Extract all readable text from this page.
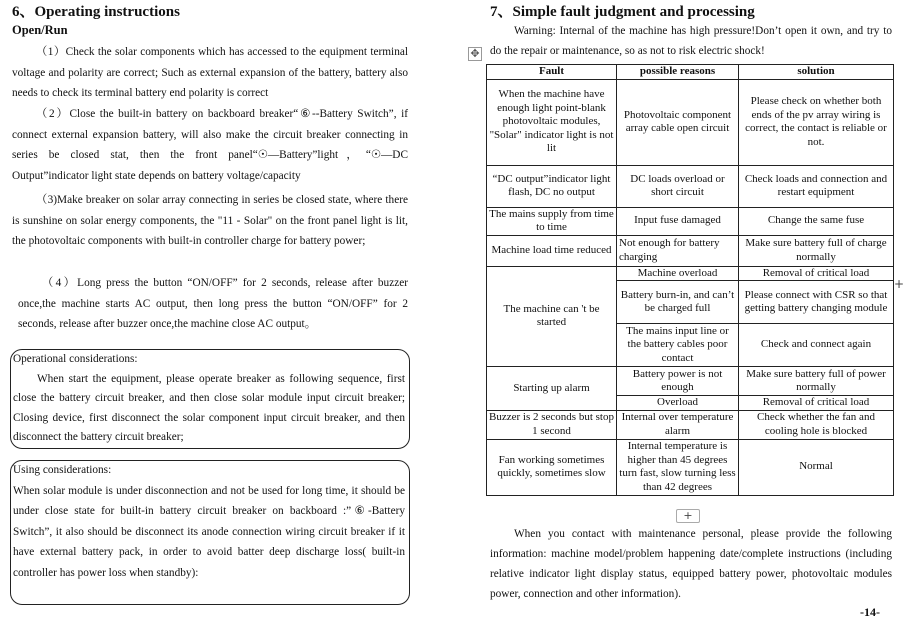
6、Operating instructions
Open/Run

（1）Check the solar components which has accessed to the equipment terminal voltage and polarity are correct; Such as external expansion of the battery, battery also needs to check its terminal battery end polarity is correct

（2）Close the built-in battery on backboard breaker“⑥--Battery Switch”, if connect external expansion battery, will also make the circuit breaker connecting in series be closed stat, then the front panel“☉—Battery”light，“☉—DC Output”indicator light state depends on battery voltage/capacity

（3)Make breaker on solar array connecting in series be closed state, where there is sunshine on solar energy components, the "11 - Solar" on the front panel light is lit, the photovoltaic components with built-in controller charge for battery power;

（4）Long press the button “ON/OFF” for 2 seconds, release after buzzer once,the machine starts AC output, then long press the button “ON/OFF” for 2 seconds, release after buzzer once,the machine close AC output。

Operational considerations:

When start the equipment, please operate breaker as following sequence, first close the battery circuit breaker, and then close solar module input circuit breaker; Closing device, first disconnect the solar component input circuit breaker, and then disconnect the battery circuit breaker;

Using considerations:

When solar module is under disconnection and not be used for long time, it should be under close state for built-in battery circuit breaker on backboard :”⑥-Battery Switch”, it also should be disconnect its anode connection wiring circuit breaker if it have external battery pack, in order to avoid batter deep discharge loss( built-in controller has power loss when standby):

7、Simple fault judgment and processing

Warning: Internal of the machine has high pressure!Don’t open it own, and try to do the repair or maintenance, so as not to risk electric shock!

✥
Fault	possible reasons	solution
When the machine have enough light point-blank photovoltaic modules, "Solar" indicator light is not lit	Photovoltaic component array cable open circuit	Please check on whether both ends of the pv array wiring is correct, the contact is reliable or not.
“DC output”indicator light flash, DC no output	DC loads overload or short circuit	Check loads and connection and restart equipment
The mains supply from time to time	Input fuse damaged	Change the same fuse
Machine load time reduced	Not enough for battery charging	Make sure battery full of charge normally
The machine can 't be started	Machine overload	Removal of critical load
	Battery burn-in, and can’t be charged full	Please connect with CSR so that getting battery changing module
	The mains input line or the battery cables poor contact	Check and connect again
Starting up alarm	Battery power is not enough	Make sure battery full of power normally
	Overload	Removal of critical load
Buzzer is 2 seconds but stop 1 second	Internal over temperature alarm	Check whether the fan and cooling hole is blocked
Fan working sometimes quickly, sometimes slow	Internal temperature is higher than 45 degrees turn fast, slow turning less than 42 degrees	Normal
+
+

When you contact with maintenance personal, please provide the following information: machine model/problem happening date/complete instructions (including relative indicator light display status, equipped battery power, photovoltaic modules power, connection and other information).

-14-
